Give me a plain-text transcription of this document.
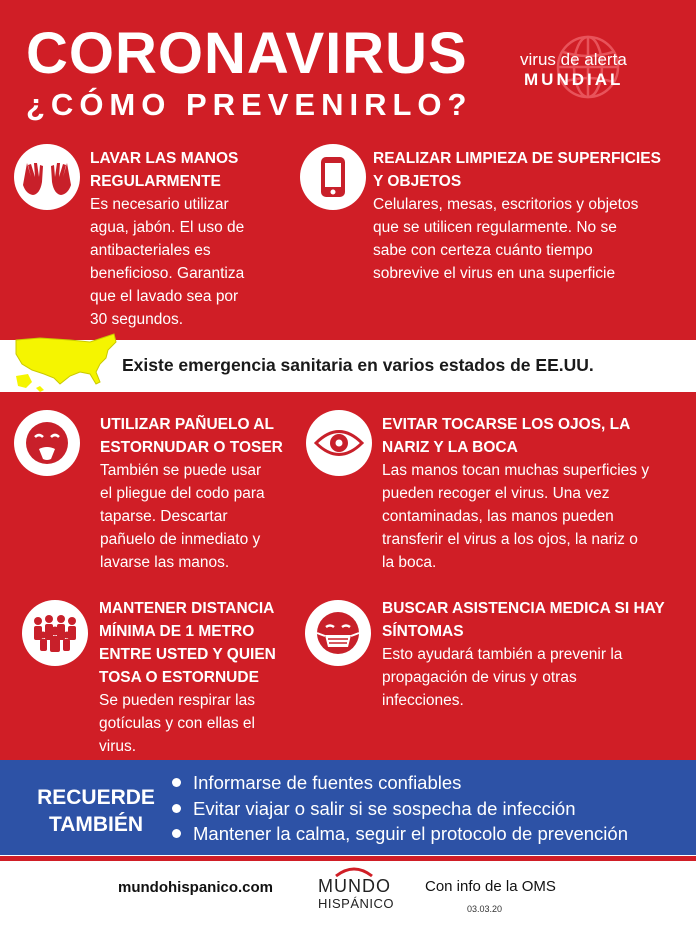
CORONAVIRUS
¿CÓMO PREVENIRLO?
virus de alerta
MUNDIAL
LAVAR LAS MANOS
REGULARMENTE
Es necesario utilizar
agua, jabón. El uso de
antibacteriales es
beneficioso. Garantiza
que el lavado sea por
30 segundos.
REALIZAR LIMPIEZA DE SUPERFICIES
Y OBJETOS
Celulares, mesas, escritorios y objetos
que se utilicen regularmente. No se
sabe con certeza cuánto tiempo
sobrevive el virus en una superficie
Existe emergencia sanitaria en varios estados de EE.UU.
UTILIZAR PAÑUELO AL
ESTORNUDAR O TOSER
También se puede usar
el pliegue del codo para
taparse. Descartar
pañuelo de inmediato y
lavarse las manos.
EVITAR TOCARSE LOS OJOS, LA
NARIZ Y LA BOCA
Las manos tocan muchas superficies y
pueden recoger el virus. Una vez
contaminadas, las manos pueden
transferir el virus a los ojos, la nariz o
la boca.
MANTENER DISTANCIA
MÍNIMA DE 1 METRO
ENTRE USTED Y QUIEN
TOSA O ESTORNUDE
Se pueden respirar las
gotículas y con ellas el
virus.
BUSCAR ASISTENCIA MEDICA SI HAY
SÍNTOMAS
Esto ayudará también a prevenir la
propagación de virus y otras
infecciones.
RECUERDE
TAMBIÉN
Informarse de fuentes confiables
Evitar viajar o salir si se sospecha de infección
Mantener la calma, seguir el protocolo de prevención
mundohispanico.com MUNDO
HISPÁNICO
Con info de la OMS
03.03.20
